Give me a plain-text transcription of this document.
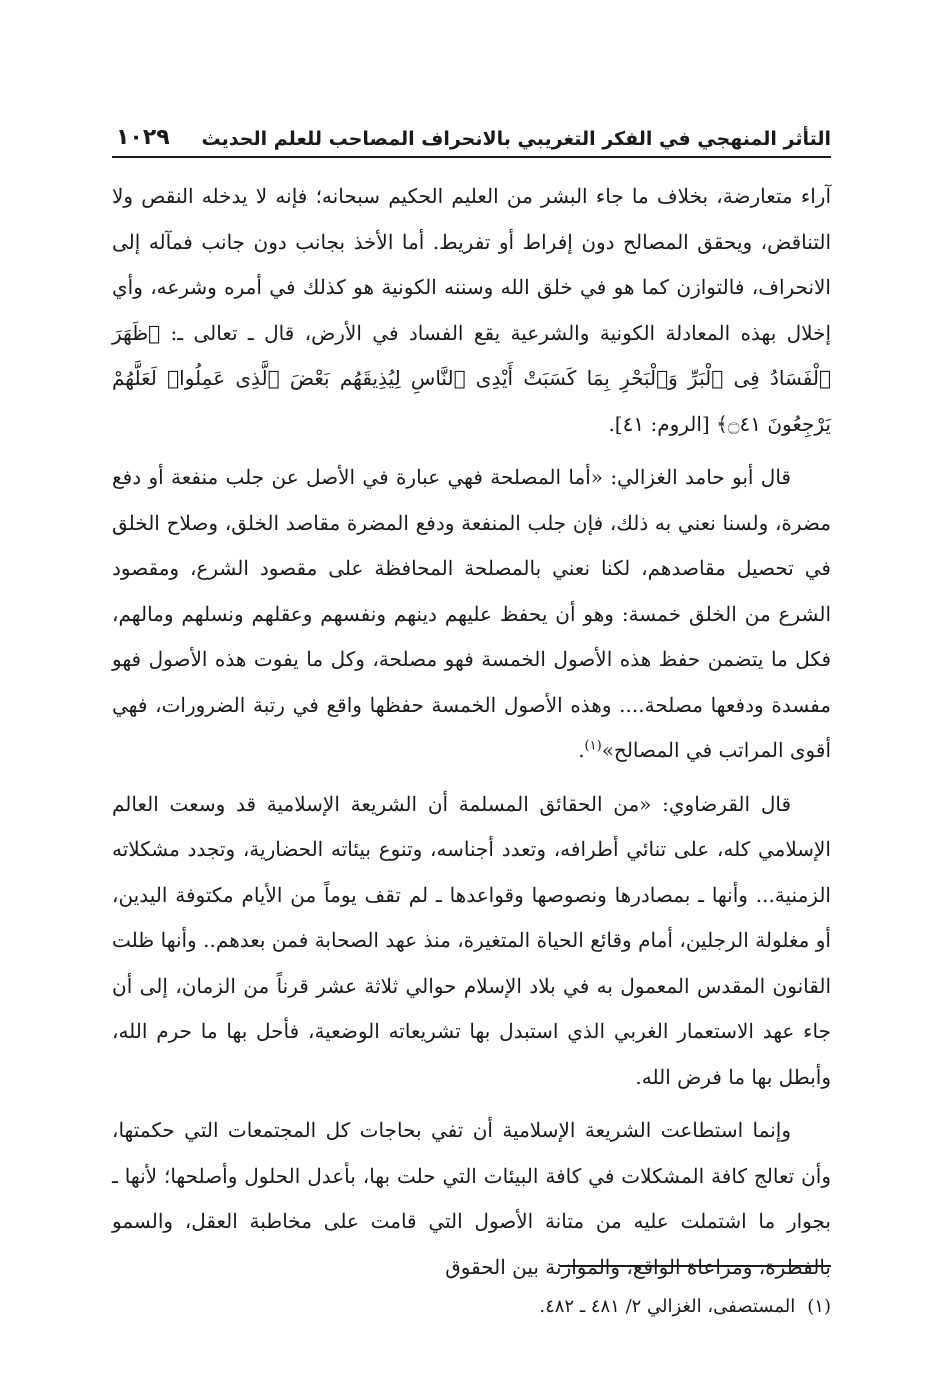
التأثر المنهجي في الفكر التغريبي بالانحراف المصاحب للعلم الحديث
١٠٢٩

آراء متعارضة، بخلاف ما جاء البشر من العليم الحكيم سبحانه؛ فإنه لا يدخله النقص ولا التناقض، ويحقق المصالح دون إفراط أو تفريط. أما الأخذ بجانب دون جانب فمآله إلى الانحراف، فالتوازن كما هو في خلق الله وسننه الكونية هو كذلك في أمره وشرعه، وأي إخلال بهذه المعادلة الكونية والشرعية يقع الفساد في الأرض، قال ـ تعالى ـ: ﴿ظَهَرَ ٱلْفَسَادُ فِى ٱلْبَرِّ وَٱلْبَحْرِ بِمَا كَسَبَتْ أَيْدِى ٱلنَّاسِ لِيُذِيقَهُم بَعْضَ ٱلَّذِى عَمِلُوا۟ لَعَلَّهُمْ يَرْجِعُونَ ۝٤١﴾ [الروم: ٤١].

قال أبو حامد الغزالي: «أما المصلحة فهي عبارة في الأصل عن جلب منفعة أو دفع مضرة، ولسنا نعني به ذلك، فإن جلب المنفعة ودفع المضرة مقاصد الخلق، وصلاح الخلق في تحصيل مقاصدهم، لكنا نعني بالمصلحة المحافظة على مقصود الشرع، ومقصود الشرع من الخلق خمسة: وهو أن يحفظ عليهم دينهم ونفسهم وعقلهم ونسلهم ومالهم، فكل ما يتضمن حفظ هذه الأصول الخمسة فهو مصلحة، وكل ما يفوت هذه الأصول فهو مفسدة ودفعها مصلحة.... وهذه الأصول الخمسة حفظها واقع في رتبة الضرورات، فهي أقوى المراتب في المصالح»$^{(١)}$.

قال القرضاوي: «من الحقائق المسلمة أن الشريعة الإسلامية قد وسعت العالم الإسلامي كله، على تنائي أطرافه، وتعدد أجناسه، وتنوع بيئاته الحضارية، وتجدد مشكلاته الزمنية... وأنها ـ بمصادرها ونصوصها وقواعدها ـ لم تقف يوماً من الأيام مكتوفة اليدين، أو مغلولة الرجلين، أمام وقائع الحياة المتغيرة، منذ عهد الصحابة فمن بعدهم.. وأنها ظلت القانون المقدس المعمول به في بلاد الإسلام حوالي ثلاثة عشر قرناً من الزمان، إلى أن جاء عهد الاستعمار الغربي الذي استبدل بها تشريعاته الوضعية، فأحل بها ما حرم الله، وأبطل بها ما فرض الله.

وإنما استطاعت الشريعة الإسلامية أن تفي بحاجات كل المجتمعات التي حكمتها، وأن تعالج كافة المشكلات في كافة البيئات التي حلت بها، بأعدل الحلول وأصلحها؛ لأنها ـ بجوار ما اشتملت عليه من متانة الأصول التي قامت على مخاطبة العقل، والسمو بالفطرة، ومراعاة الواقع، والموازنة بين الحقوق

(١)المستصفى، الغزالي ٢/ ٤٨١ ـ ٤٨٢.
